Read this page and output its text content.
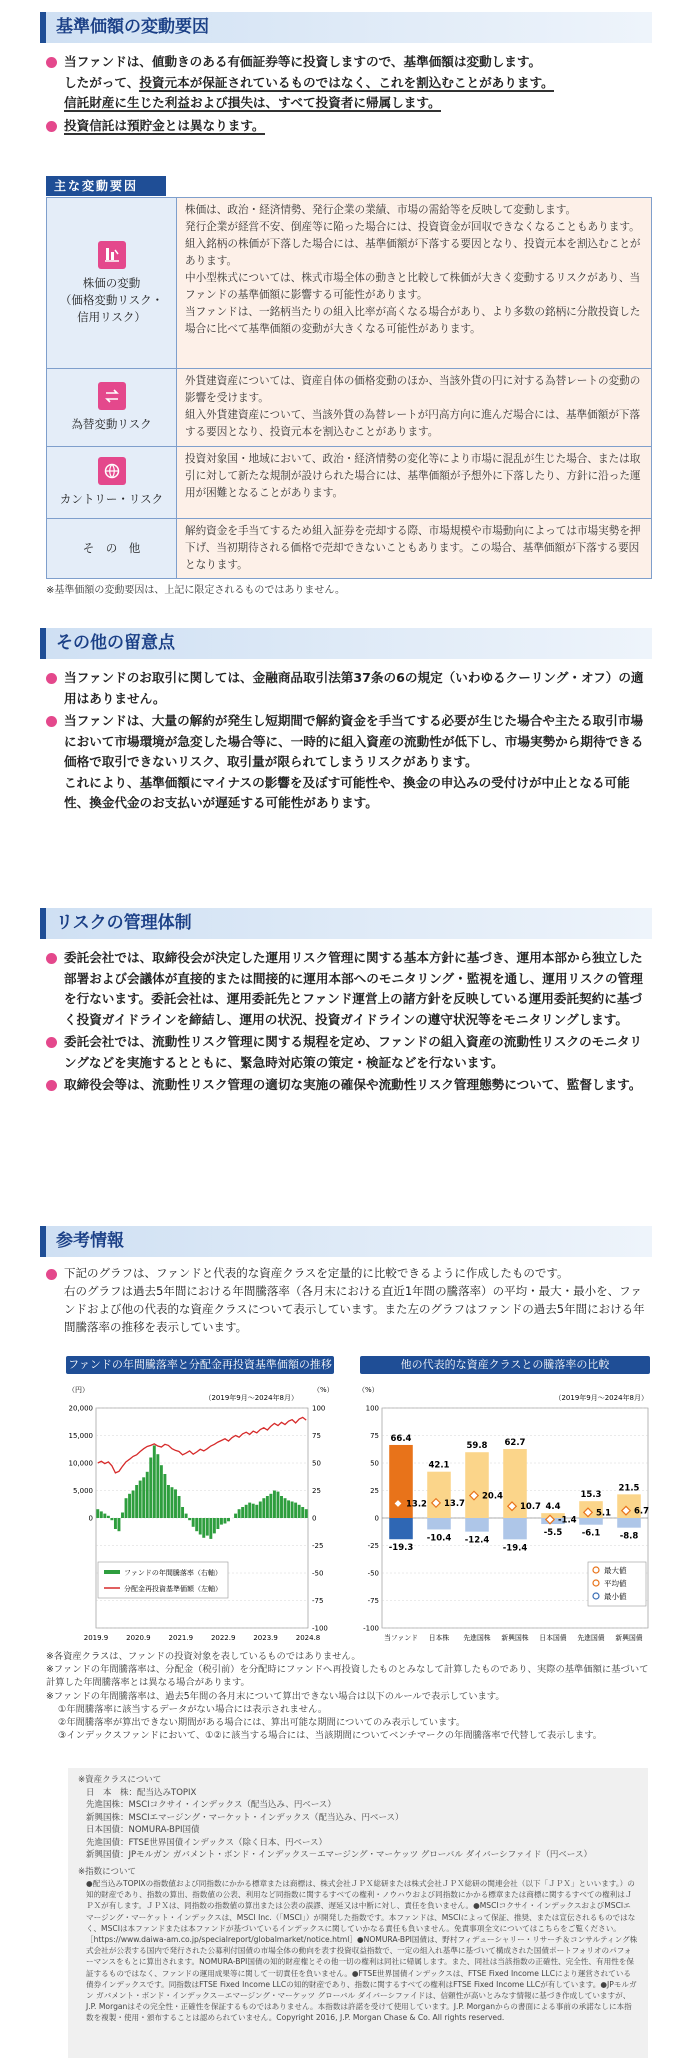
基準価額の変動要因
当ファンドは、値動きのある有価証券等に投資しますので、基準価額は変動します。
したがって、投資元本が保証されているものではなく、これを割込むことがあります。
信託財産に生じた利益および損失は、すべて投資者に帰属します。
投資信託は預貯金とは異なります。
主な変動要因
株価の変動
（価格変動リスク・
信用リスク）
株価は、政治・経済情勢、発行企業の業績、市場の需給等を反映して変動します。
発行企業が経営不安、倒産等に陥った場合には、投資資金が回収できなくなることもあります。
組入銘柄の株価が下落した場合には、基準価額が下落する要因となり、投資元本を割込むことがあります。
中小型株式については、株式市場全体の動きと比較して株価が大きく変動するリスクがあり、当ファンドの基準価額に影響する可能性があります。
当ファンドは、一銘柄当たりの組入比率が高くなる場合があり、より多数の銘柄に分散投資した場合に比べて基準価額の変動が大きくなる可能性があります。
為替変動リスク
外貨建資産については、資産自体の価格変動のほか、当該外貨の円に対する為替レートの変動の影響を受けます。
組入外貨建資産について、当該外貨の為替レートが円高方向に進んだ場合には、基準価額が下落する要因となり、投資元本を割込むことがあります。
カントリー・リスク
投資対象国・地域において、政治・経済情勢の変化等により市場に混乱が生じた場合、または取引に対して新たな規制が設けられた場合には、基準価額が予想外に下落したり、方針に沿った運用が困難となることがあります。
そ　の　他
解約資金を手当てするため組入証券を売却する際、市場規模や市場動向によっては市場実勢を押下げ、当初期待される価格で売却できないこともあります。この場合、基準価額が下落する要因となります。
※基準価額の変動要因は、上記に限定されるものではありません。
その他の留意点
当ファンドのお取引に関しては、金融商品取引法第37条の6の規定（いわゆるクーリング・オフ）の適用はありません。
当ファンドは、大量の解約が発生し短期間で解約資金を手当てする必要が生じた場合や主たる取引市場において市場環境が急変した場合等に、一時的に組入資産の流動性が低下し、市場実勢から期待できる価格で取引できないリスク、取引量が限られてしまうリスクがあります。
これにより、基準価額にマイナスの影響を及ぼす可能性や、換金の申込みの受付けが中止となる可能性、換金代金のお支払いが遅延する可能性があります。
リスクの管理体制
委託会社では、取締役会が決定した運用リスク管理に関する基本方針に基づき、運用本部から独立した部署および会議体が直接的または間接的に運用本部へのモニタリング・監視を通し、運用リスクの管理を行ないます。委託会社は、運用委託先とファンド運営上の諸方針を反映している運用委託契約に基づく投資ガイドラインを締結し、運用の状況、投資ガイドラインの遵守状況等をモニタリングします。
委託会社では、流動性リスク管理に関する規程を定め、ファンドの組入資産の流動性リスクのモニタリングなどを実施するとともに、緊急時対応策の策定・検証などを行ないます。
取締役会等は、流動性リスク管理の適切な実施の確保や流動性リスク管理態勢について、監督します。
参考情報
下記のグラフは、ファンドと代表的な資産クラスを定量的に比較できるように作成したものです。
右のグラフは過去5年間における年間騰落率（各月末における直近1年間の騰落率）の平均・最大・最小を、ファンドおよび他の代表的な資産クラスについて表示しています。また左のグラフはファンドの過去5年間における年間騰落率の推移を表示しています。
ファンドの年間騰落率と分配金再投資基準価額の推移	他の代表的な資産クラスとの騰落率の比較
（円）	（%）
（2019年9月～2024年8月）
20,000
15,000
10,000
5,000
0
100
75
50
25
0
-25
-50
-75
-100
2019.9	2020.9	2021.9	2022.9	2023.9	2024.8
ファンドの年間騰落率（右軸）
分配金再投資基準価額（左軸）
（%）
（2019年9月～2024年8月）
100
75
50
25
0
-25
-50
-75
-100
66.4
-19.3
13.2
42.1
-10.4
13.7
59.8
-12.4
20.4
62.7
-19.4
10.7 4.4
-5.5
-1.4
15.3
-6.1
5.1
21.5
-8.8
6.7
当ファンド 日本株 先進国株 新興国株 日本国債 先進国債 新興国債
最大値
平均値
最小値
※各資産クラスは、ファンドの投資対象を表しているものではありません。
※ファンドの年間騰落率は、分配金（税引前）を分配時にファンドへ再投資したものとみなして計算したものであり、実際の基準価額に基づいて計算した年間騰落率とは異なる場合があります。
※ファンドの年間騰落率は、過去5年間の各月末について算出できない場合は以下のルールで表示しています。
①年間騰落率に該当するデータがない場合には表示されません。
②年間騰落率が算出できない期間がある場合には、算出可能な期間についてのみ表示しています。
③インデックスファンドにおいて、①②に該当する場合には、当該期間についてベンチマークの年間騰落率で代替して表示します。
※資産クラスについて
日　本　株：配当込みTOPIX
先進国株：MSCIコクサイ・インデックス（配当込み、円ベース）
新興国株：MSCIエマージング・マーケット・インデックス（配当込み、円ベース）
日本国債：NOMURA-BPI国債
先進国債：FTSE世界国債インデックス（除く日本、円ベース）
新興国債：JPモルガン ガバメント・ボンド・インデックス－エマージング・マーケッツ グローバル ダイバーシファイド（円ベース）
※指数について
●配当込みTOPIXの指数値および同指数にかかる標章または商標は、株式会社ＪＰＸ総研または株式会社ＪＰＸ総研の関連会社（以下「ＪＰＸ」といいます。）の知的財産であり、指数の算出、指数値の公表、利用など同指数に関するすべての権利・ノウハウおよび同指数にかかる標章または商標に関するすべての権利はＪＰＸが有します。ＪＰＸは、同指数の指数値の算出または公表の誤謬、遅延又は中断に対し、責任を負いません。●MSCIコクサイ・インデックスおよびMSCIエマージング・マーケット・インデックスは、MSCI Inc.（「MSCI」）が開発した指数です。本ファンドは、MSCIによって保証、推奨、または宣伝されるものではなく、MSCIは本ファンドまたは本ファンドが基づいているインデックスに関していかなる責任も負いません。免責事項全文についてはこちらをご覧ください。［https://www.daiwa-am.co.jp/specialreport/globalmarket/notice.html］●NOMURA-BPI国債は、野村フィデューシャリー・リサーチ＆コンサルティング株式会社が公表する国内で発行された公募利付国債の市場全体の動向を表す投資収益指数で、一定の組入れ基準に基づいて構成された国債ポートフォリオのパフォーマンスをもとに算出されます。NOMURA-BPI国債の知的財産権とその他一切の権利は同社に帰属します。また、同社は当該指数の正確性、完全性、有用性を保証するものではなく、ファンドの運用成果等に関して一切責任を負いません。●FTSE世界国債インデックスは、FTSE Fixed Income LLCにより運営されている債券インデックスです。同指数はFTSE Fixed Income LLCの知的財産であり、指数に関するすべての権利はFTSE Fixed Income LLCが有しています。●JPモルガン ガバメント・ボンド・インデックス－エマージング・マーケッツ グローバル ダイバーシファイドは、信頼性が高いとみなす情報に基づき作成していますが、J.P. Morganはその完全性・正確性を保証するものではありません。本指数は許諾を受けて使用しています。J.P. Morganからの書面による事前の承諾なしに本指数を複製・使用・頒布することは認められていません。Copyright 2016, J.P. Morgan Chase & Co. All rights reserved.
